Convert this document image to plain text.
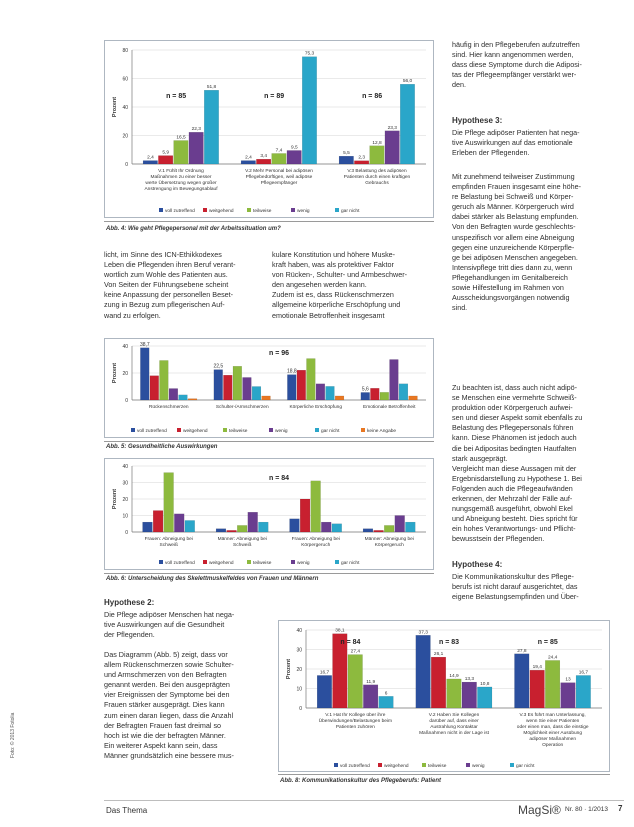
0
20
40
60
80
Prozent
2,4
5,9
16,5
22,3
51,8
V.1 Fühlt Ihr Ordnung
Maßnahmen zu einer besser
werte Übersetzung wegen großer
Anstrengung im Bewegungsablauf
2,4 3,4
7,4
9,5
75,3
V.2 Mehr Personal bei adipösen
Pflegebedürftigen, weil adipöse
Pflegeempfänger
5,5
2,3
12,8
23,3
56,0
V.3 Belastung des adipösen
Patienten durch einen kraftigen
Gebrauchs
n = 85	n = 89	n = 86
voll zutreffend	weitgehend	teilweise	wenig	gar nicht
Abb. 4: Wie geht Pflegepersonal mit der Arbeitssituation um?
licht, im Sinne des ICN-Ethikkodexes
Leben die Pflegenden ihren Beruf verant-
wortlich zum Wohle des Patienten aus.
Von Seiten der Führungsebene scheint
keine Anpassung der personellen Beset-
zung in Bezug zum pflegerischen Auf-
wand zu erfolgen.
kulare Konstitution und höhere Muske-
kraft haben, was als protektiver Faktor
von Rücken-, Schulter- und Armbeschwer-
den angesehen werden kann.
Zudem ist es, dass Rückenschmerzen
allgemeine körperliche Erschöpfung und
emotionale Betroffenheit insgesamt
0
20
40
Prozent
38,7
Rückenschmerzen
22,5
Schulter-/Armschmerzen
18,8
Körperliche Erschöpfung
5,6
Emotionale Betroffenheit
n = 96
voll zutreffend	weitgehend	teilweise	wenig	gar nicht	keine Angabe
Abb. 5: Gesundheitliche Auswirkungen
0
10
20
30
40
Prozent
Frauen: Abneigung bei
Schweiß
Männer: Abneigung bei
Schweiß
Frauen: Abneigung bei
Körpergeruch
Männer: Abneigung bei
Körpergeruch
n = 84
voll zutreffend	weitgehend	teilweise	wenig	gar nicht
Abb. 6: Unterscheidung des Skelettmuskelfeldes von Frauen und Männern
Hypothese 2:
Die Pflege adipöser Menschen hat nega-
tive Auswirkungen auf die Gesundheit
der Pflegenden.
Das Diagramm (Abb. 5) zeigt, dass vor
allem Rückenschmerzen sowie Schulter-
und Armschmerzen von den Befragten
genannt werden. Bei den ausgeprägten
vier Ereignissen der Symptome bei den
Frauen stärker ausgeprägt. Dies kann
zum einen daran liegen, dass die Anzahl
der Befragten Frauen fast dreimal so
hoch ist wie die der befragten Männer.
Ein weiterer Aspekt kann sein, dass
Männer grundsätzlich eine bessere mus-
0
10
20
30
40
Prozent	16,7
38,1
27,4
11,9
6
V.1 Hat Ihr Kollege über ihre
Überwindungen/Belastungen beim
Patienten zuhören
37,3
26,1
14,9
13,3
10,8
V.2 Haben Sie Kollegen
darüber auf, dass einer
Austrahlung Kontaktar
Maßnahmen nicht in der Lage ist
27,8
19,4
24,4
13
16,7
V.3 Es führt man Unterlassung,
wenn Sie einer Patienten
oder einen man, dass die einstige
Möglichkeit einer Ausübung
adipöser Maßnahmen
Operation
n = 84	n = 83	n = 85
voll zutreffend	weitgehend	teilweise	wenig	gar nicht
Abb. 8: Kommunikationskultur des Pflegeberufs: Patient
häufig in den Pflegeberufen aufzutreffen
sind. Hier kann angenommen werden,
dass diese Symptome durch die Adiposi-
tas der Pflegeempfänger verstärkt wer-
den.
Hypothese 3:
Die Pflege adipöser Patienten hat nega-
tive Auswirkungen auf das emotionale
Erleben der Pflegenden.
Mit zunehmend teilweiser Zustimmung
empfinden Frauen insgesamt eine höhe-
re Belastung bei Schweiß und Körper-
geruch als Männer. Körpergeruch wird
dabei stärker als Belastung empfunden.
Von den Befragten wurde geschlechts-
unspezifisch vor allem eine Abneigung
gegen eine unzureichende Körperpfle-
ge bei adipösen Menschen angegeben.
Intensivpflege tritt dies dann zu, wenn
Pflegehandlungen im Genitalbereich
sowie Hilfestellung im Rahmen von
Ausscheidungsvorgängen notwendig
sind.
Zu beachten ist, dass auch nicht adipö-
se Menschen eine vermehrte Schweiß-
produktion oder Körpergeruch aufwei-
sen und dieser Aspekt somit ebenfalls zu
Belastung des Pflegepersonals führen
kann. Diese Phänomen ist jedoch auch
die bei Adipositas bedingten Hautfalten
stark ausgeprägt.
Vergleicht man diese Aussagen mit der
Ergebnisdarstellung zu Hypothese 1. Bei
Folgenden auch die Pflegeaufwänden
erkennen, der Mehrzahl der Fälle auf-
nungsgemäß ausgeführt, obwohl Ekel
und Abneigung besteht. Dies spricht für
ein hohes Verantwortungs- und Pflicht-
bewusstsein der Pflegenden.
Hypothese 4:
Die Kommunikationskultur des Pflege-
berufs ist nicht darauf ausgerichtet, das
eigene Belastungsempfinden und Über-
Foto: © 2013 Fotolia
Das Thema	MagSi® Nr. 80 · 1/2013 7
